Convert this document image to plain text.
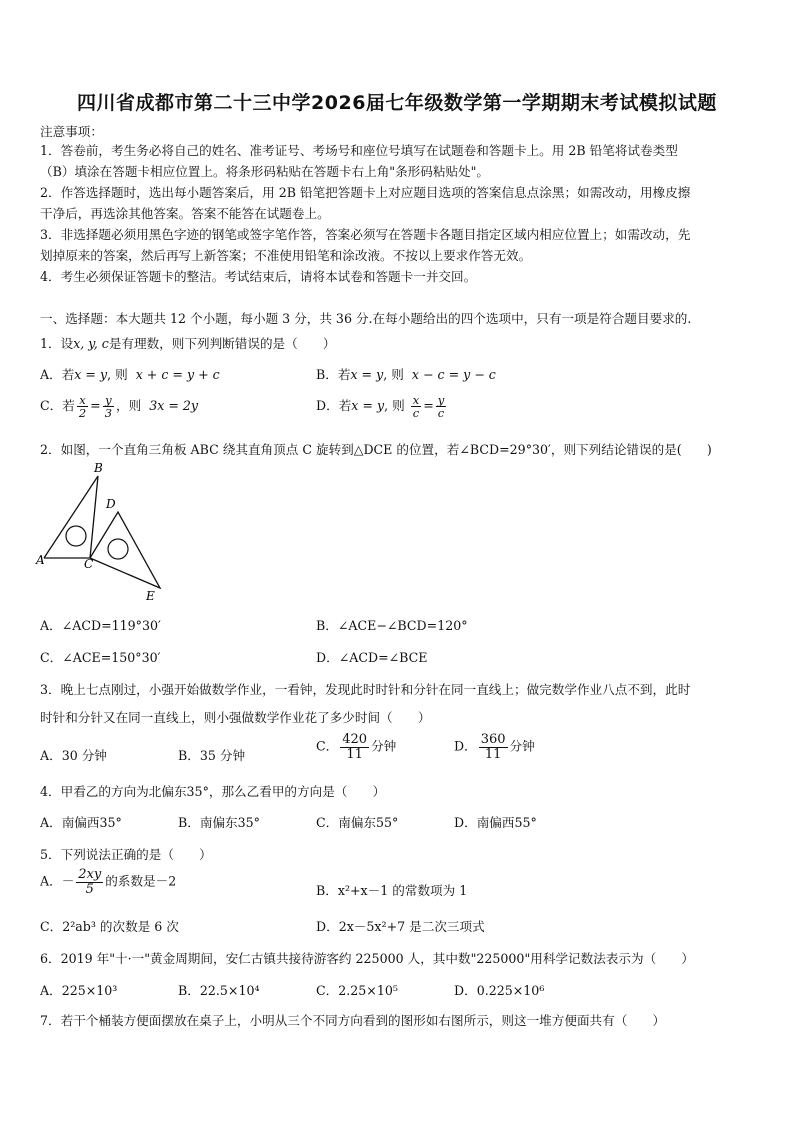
四川省成都市第二十三中学2026届七年级数学第一学期期末考试模拟试题
注意事项：
1．答卷前，考生务必将自己的姓名、准考证号、考场号和座位号填写在试题卷和答题卡上。用 2B 铅笔将试卷类型
（B）填涂在答题卡相应位置上。将条形码粘贴在答题卡右上角"条形码粘贴处"。
2．作答选择题时，选出每小题答案后，用 2B 铅笔把答题卡上对应题目选项的答案信息点涂黑；如需改动，用橡皮擦
干净后，再选涂其他答案。答案不能答在试题卷上。
3．非选择题必须用黑色字迹的钢笔或签字笔作答，答案必须写在答题卡各题目指定区域内相应位置上；如需改动，先
划掉原来的答案，然后再写上新答案；不准使用铅笔和涂改液。不按以上要求作答无效。
4．考生必须保证答题卡的整洁。考试结束后，请将本试卷和答题卡一并交回。
一、选择题：本大题共 12 个小题，每小题 3 分，共 36 分.在每小题给出的四个选项中，只有一项是符合题目要求的.
1．设x, y, c是有理数，则下列判断错误的是（　　）
A．若x = y, 则 x + c = y + c	B．若x = y, 则 x − c = y − c
C．若 $\frac{x}{2} = \frac{y}{3}$ ，则 3x = 2y	D．若x = y, 则 $\frac{x}{c} = \frac{y}{c}$
2．如图，一个直角三角板 ABC 绕其直角顶点 C 旋转到△DCE 的位置，若∠BCD=29°30′，则下列结论错误的是(　　)
B
D
A	C
E
A．∠ACD=119°30′	B．∠ACE−∠BCD=120°
C．∠ACE=150°30′	D．∠ACD=∠BCE
3．晚上七点刚过，小强开始做数学作业，一看钟，发现此时时针和分针在同一直线上；做完数学作业八点不到，此时
时针和分针又在同一直线上，则小强做数学作业花了多少时间（　　）
A．30 分钟	B．35 分钟
C． $\frac{420}{11}$ 分钟	D． $\frac{360}{11}$ 分钟
4．甲看乙的方向为北偏东35°，那么乙看甲的方向是（　　）
A．南偏西35°	B．南偏东35°	C．南偏东55°	D．南偏西55°
5．下列说法正确的是（　　）
A．－ $\frac{2xy}{5}$ 的系数是－2
B．x²+x－1 的常数项为 1
C．2²ab³ 的次数是 6 次	D．2x－5x²+7 是二次三项式
6．2019 年"十·一"黄金周期间，安仁古镇共接待游客约 225000 人，其中数"225000"用科学记数法表示为（　　）
A．225×10³	B．22.5×10⁴	C．2.25×10⁵	D．0.225×10⁶
7．若干个桶装方便面摆放在桌子上，小明从三个不同方向看到的图形如右图所示，则这一堆方便面共有（　　）
